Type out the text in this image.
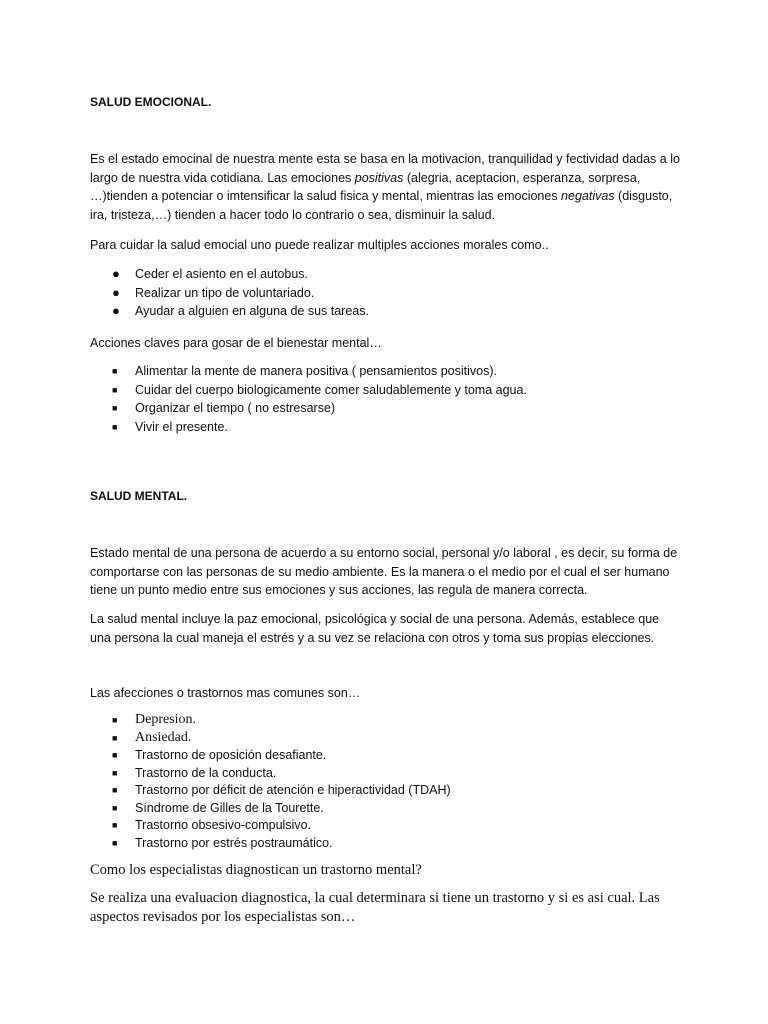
SALUD EMOCIONAL.

Es el estado emocinal de nuestra mente esta se basa en la motivacion, tranquilidad y fectividad dadas a lo largo de nuestra vida cotidiana. Las emociones positivas (alegria, aceptacion, esperanza, sorpresa, …)tienden a potenciar o imtensificar la salud fisica y mental, mientras las emociones negativas (disgusto, ira, tristeza,…) tienden a hacer todo lo contrario o sea, disminuir la salud.

Para cuidar la salud emocial uno puede realizar multiples acciones morales como..

● Ceder el asiento en el autobus.
● Realizar un tipo de voluntariado.
● Ayudar a alguien en alguna de sus tareas.

Acciones claves para gosar de el bienestar mental…

■ Alimentar la mente de manera positiva ( pensamientos positivos).
■ Cuidar del cuerpo biologicamente comer saludablemente y toma agua.
■ Organizar el tiempo ( no estresarse)
■ Vivir el presente.

SALUD MENTAL.

Estado mental de una persona de acuerdo a su entorno social, personal y/o laboral , es decir, su forma de comportarse con las personas de su medio ambiente. Es la manera o el medio por el cual el ser humano tiene un punto medio entre sus emociones y sus acciones, las regula de manera correcta.

La salud mental incluye la paz emocional, psicológica y social de una persona. Además, establece que una persona la cual maneja el estrés y a su vez se relaciona con otros y toma sus propias elecciones.

Las afecciones o trastornos mas comunes son…

■ Depresion.
■ Ansiedad.
■ Trastorno de oposición desafiante.
■ Trastorno de la conducta.
■ Trastorno por déficit de atención e hiperactividad (TDAH)
■ Síndrome de Gilles de la Tourette.
■ Trastorno obsesivo-compulsivo.
■ Trastorno por estrés postraumático.

Como los especialistas diagnostican un trastorno mental?

Se realiza una evaluacion diagnostica, la cual determinara si tiene un trastorno y si es asi cual. Las aspectos revisados por los especialistas son…
